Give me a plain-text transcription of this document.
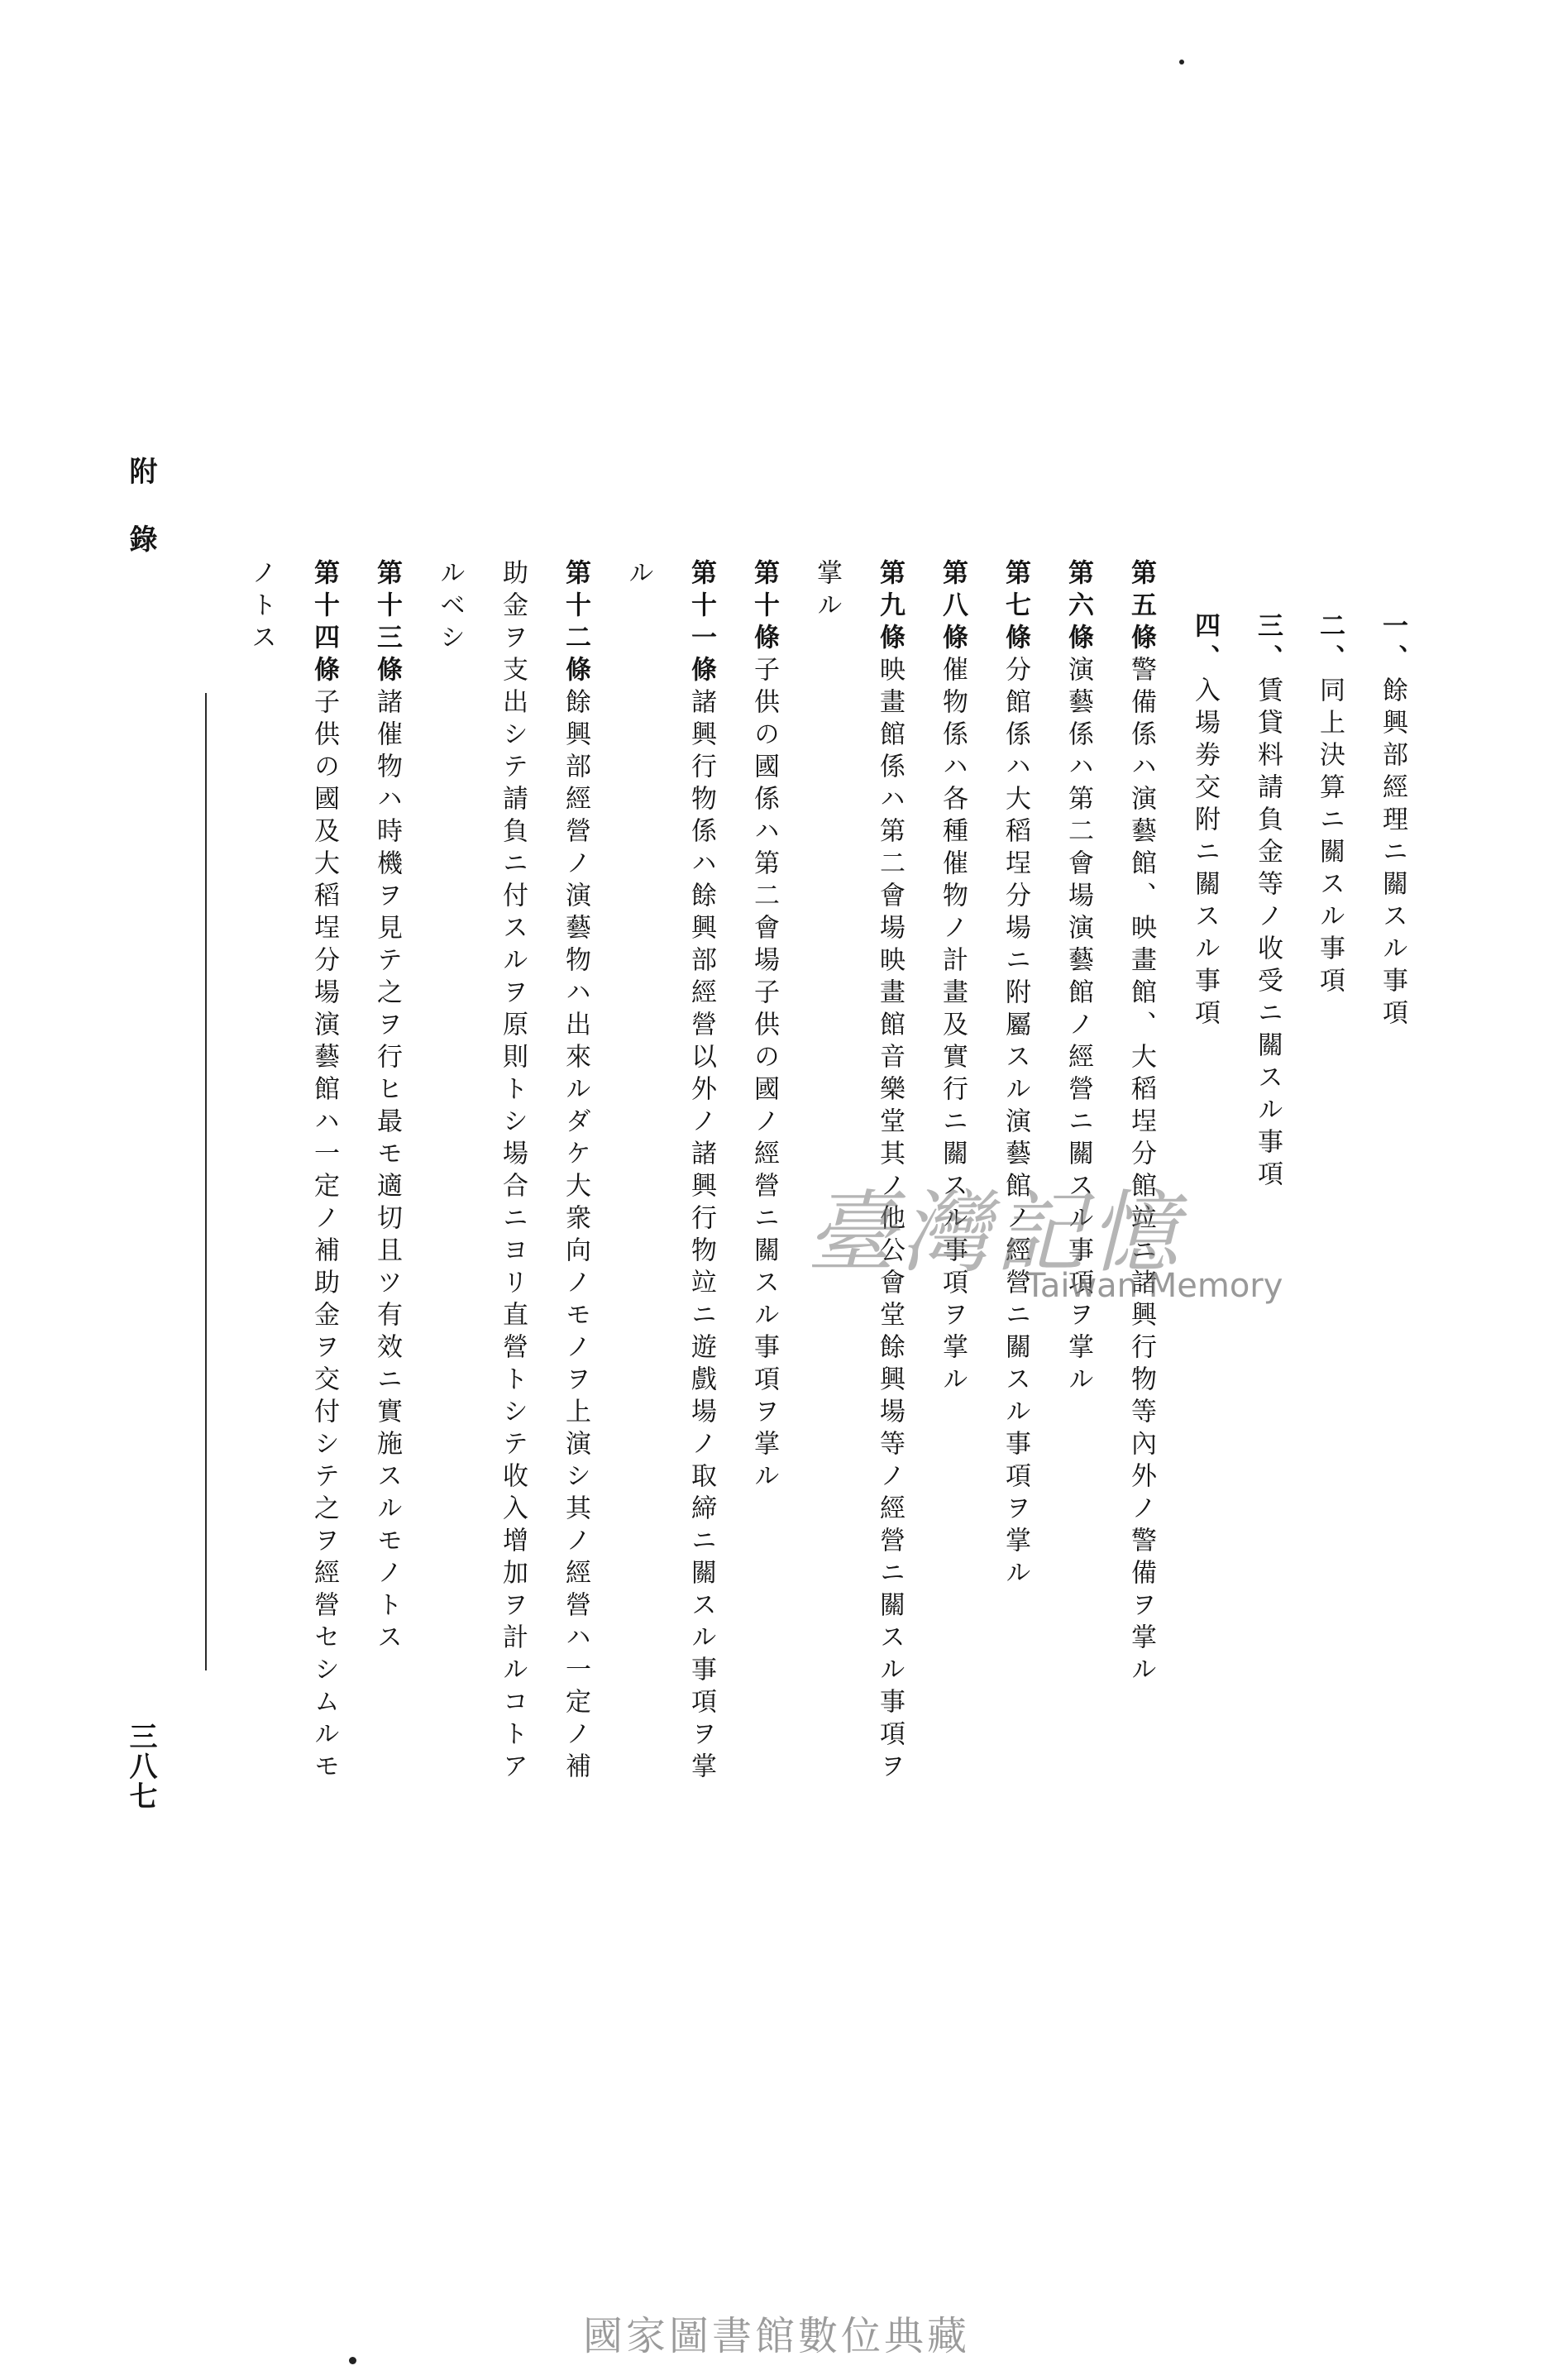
附 錄
三八七
一、餘興部經理ニ關スル事項
二、同上決算ニ關スル事項
三、賃貸料請負金等ノ收受ニ關スル事項
四、入場劵交附ニ關スル事項
第五條警備係ハ演藝館、映畫館、大稻埕分館竝ニ諸興行物等內外ノ警備ヲ掌ル
第六條演藝係ハ第二會場演藝館ノ經營ニ關スル事項ヲ掌ル
第七條分館係ハ大稻埕分場ニ附屬スル演藝館ノ經營ニ關スル事項ヲ掌ル
第八條催物係ハ各種催物ノ計畫及實行ニ關スル事項ヲ掌ル
第九條映畫館係ハ第二會場映畫館音樂堂其ノ他公會堂餘興場等ノ經營ニ關スル事項ヲ
掌ル
第十條子供の國係ハ第二會場子供の國ノ經營ニ關スル事項ヲ掌ル
第十一條諸興行物係ハ餘興部經營以外ノ諸興行物竝ニ遊戲場ノ取締ニ關スル事項ヲ掌
ル
第十二條餘興部經營ノ演藝物ハ出來ルダケ大衆向ノモノヲ上演シ其ノ經營ハ一定ノ補
助金ヲ支出シテ請負ニ付スルヲ原則トシ場合ニヨリ直營トシテ收入增加ヲ計ルコトア
ルベシ
第十三條諸催物ハ時機ヲ見テ之ヲ行ヒ最モ適切且ツ有效ニ實施スルモノトス
第十四條子供の國及大稻埕分場演藝館ハ一定ノ補助金ヲ交付シテ之ヲ經營セシムルモ
ノトス
臺灣記憶
Taiwan Memory
國家圖書館數位典藏
